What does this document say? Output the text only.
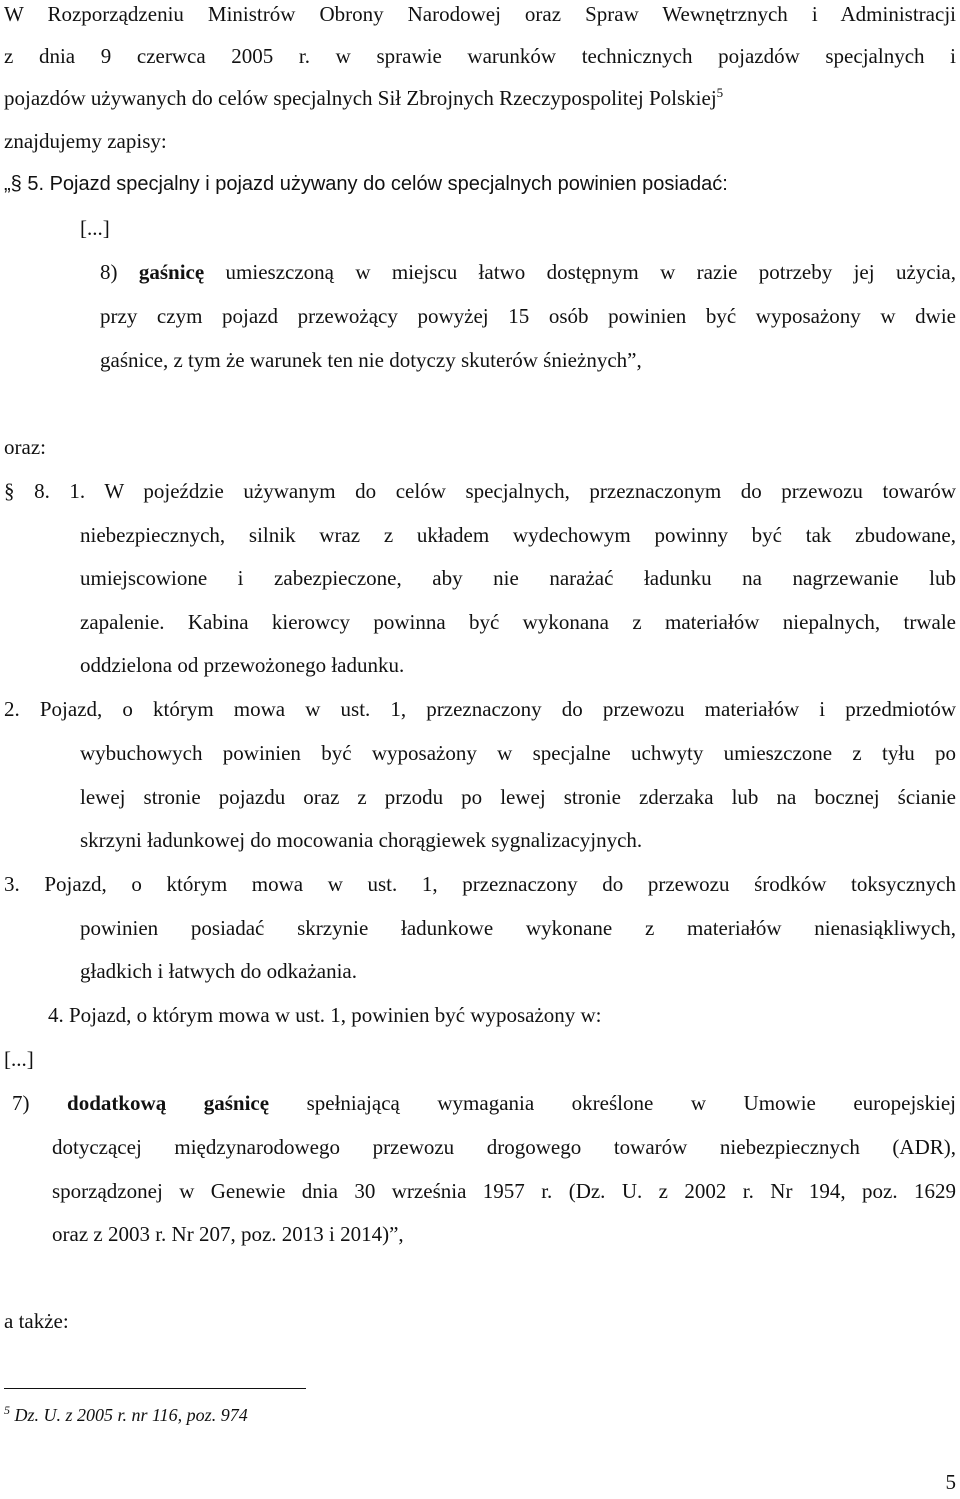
W Rozporządzeniu Ministrów Obrony Narodowej oraz Spraw Wewnętrznych i Administracji
z dnia 9 czerwca 2005 r. w sprawie warunków technicznych pojazdów specjalnych i
pojazdów używanych do celów specjalnych Sił Zbrojnych Rzeczypospolitej Polskiej$^5$
znajdujemy zapisy:
„§ 5. Pojazd specjalny i pojazd używany do celów specjalnych powinien posiadać:
[...]
8) gaśnicę umieszczoną w miejscu łatwo dostępnym w razie potrzeby jej użycia,
przy czym pojazd przewożący powyżej 15 osób powinien być wyposażony w dwie
gaśnice, z tym że warunek ten nie dotyczy skuterów śnieżnych”,
oraz:
§ 8. 1. W pojeździe używanym do celów specjalnych, przeznaczonym do przewozu towarów
niebezpiecznych, silnik wraz z układem wydechowym powinny być tak zbudowane,
umiejscowione i zabezpieczone, aby nie narażać ładunku na nagrzewanie lub
zapalenie. Kabina kierowcy powinna być wykonana z materiałów niepalnych, trwale
oddzielona od przewożonego ładunku.
2. Pojazd, o którym mowa w ust. 1, przeznaczony do przewozu materiałów i przedmiotów
wybuchowych powinien być wyposażony w specjalne uchwyty umieszczone z tyłu po
lewej stronie pojazdu oraz z przodu po lewej stronie zderzaka lub na bocznej ścianie
skrzyni ładunkowej do mocowania chorągiewek sygnalizacyjnych.
3. Pojazd, o którym mowa w ust. 1, przeznaczony do przewozu środków toksycznych
powinien posiadać skrzynie ładunkowe wykonane z materiałów nienasiąkliwych,
gładkich i łatwych do odkażania.
4. Pojazd, o którym mowa w ust. 1, powinien być wyposażony w:
[...]
7) dodatkową gaśnicę spełniającą wymagania określone w Umowie europejskiej
dotyczącej międzynarodowego przewozu drogowego towarów niebezpiecznych (ADR),
sporządzonej w Genewie dnia 30 września 1957 r. (Dz. U. z 2002 r. Nr 194, poz. 1629
oraz z 2003 r. Nr 207, poz. 2013 i 2014)”,
a także:
$^5$ Dz. U. z 2005 r. nr 116, poz. 974
5
